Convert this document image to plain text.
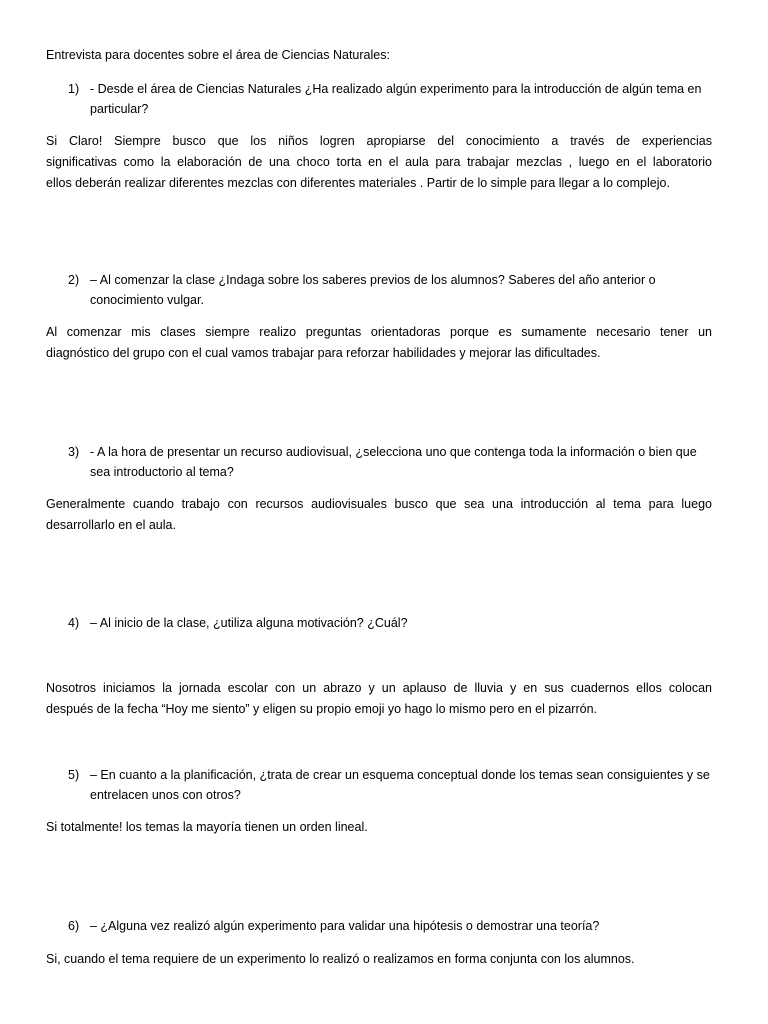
Entrevista para docentes sobre el área de Ciencias Naturales:
1) - Desde el área de Ciencias Naturales ¿Ha realizado algún experimento para la introducción de algún tema en particular?
Si Claro! Siempre busco que los niños logren apropiarse del conocimiento a través de experiencias
significativas como la elaboración de una choco torta en el aula para trabajar mezclas , luego en el laboratorio
ellos deberán realizar diferentes mezclas con diferentes materiales . Partir de lo simple para llegar a lo complejo.
2) – Al comenzar la clase ¿Indaga sobre los saberes previos de los alumnos? Saberes del año anterior o conocimiento vulgar.
Al comenzar mis clases siempre realizo preguntas orientadoras porque es sumamente necesario tener un
diagnóstico del grupo con el cual vamos trabajar para reforzar habilidades y mejorar las dificultades.
3) - A la hora de presentar un recurso audiovisual, ¿selecciona uno que contenga toda la información o bien que sea introductorio al tema?
Generalmente cuando trabajo con recursos audiovisuales busco que sea una introducción al tema para luego
desarrollarlo en el aula.
4) – Al inicio de la clase, ¿utiliza alguna motivación? ¿Cuál?
Nosotros iniciamos la jornada escolar con un abrazo y un aplauso de lluvia y en sus cuadernos ellos colocan
después de la fecha “Hoy me siento” y eligen su propio emoji yo hago lo mismo pero en el pizarrón.
5) – En cuanto a la planificación, ¿trata de crear un esquema conceptual donde los temas sean consiguientes y se entrelacen unos con otros?
Si totalmente! los temas la mayoría tienen un orden lineal.
6) – ¿Alguna vez realizó algún experimento para validar una hipótesis o demostrar una teoría?
Si, cuando el tema requiere de un experimento lo realizó o realizamos en forma conjunta con los alumnos.
